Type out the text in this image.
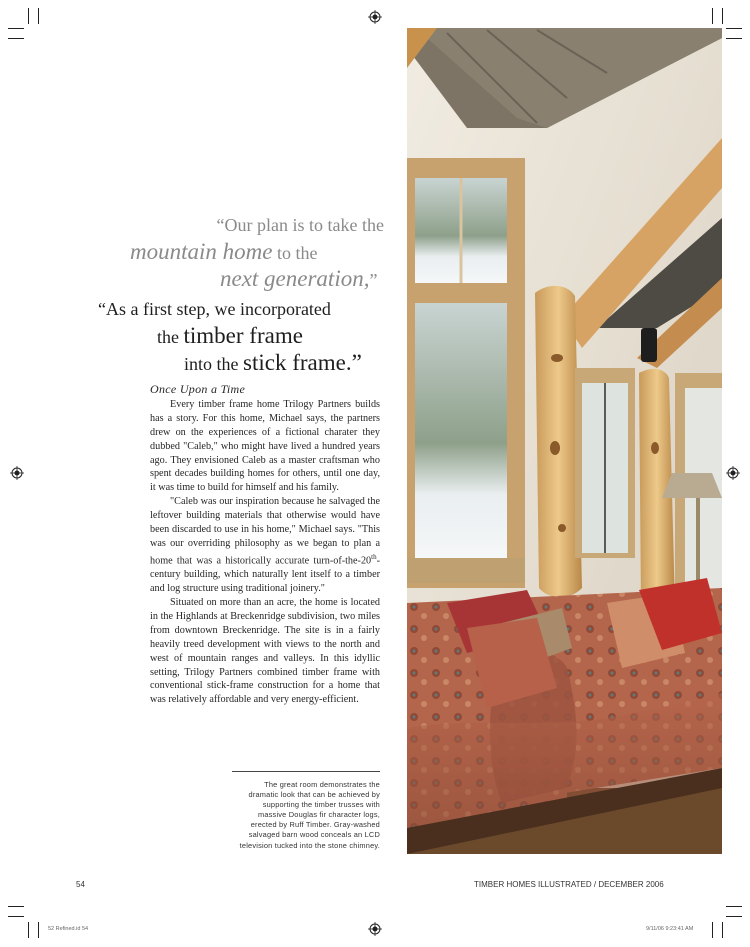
“Our plan is to take the
mountain home to the
next generation,”
“As a first step, we incorporated
the timber frame
into the stick frame.”
Once Upon a Time

Every timber frame home Trilogy Partners builds has a story. For this home, Michael says, the partners drew on the experiences of a fictional charater they dubbed "Caleb," who might have lived a hundred years ago. They envisioned Caleb as a master craftsman who spent decades building homes for others, until one day, it was time to build for himself and his family.

"Caleb was our inspiration because he salvaged the leftover building materials that otherwise would have been discarded to use in his home," Michael says. "This was our overriding philosophy as we began to plan a home that was a historically accurate turn-of-the-20th-century building, which naturally lent itself to a timber and log structure using traditional joinery."

Situated on more than an acre, the home is located in the Highlands at Breckenridge subdivision, two miles from downtown Breckenridge. The site is in a fairly heavily treed development with views to the north and west of mountain ranges and valleys. In this idyllic setting, Trilogy Partners combined timber frame with conventional stick-frame construction for a home that was relatively affordable and very energy-efficient.

The great room demonstrates the dramatic look that can be achieved by supporting the timber trusses with massive Douglas fir character logs, erected by Ruff Timber. Gray-washed salvaged barn wood conceals an LCD television tucked into the stone chimney.
54	TIMBER HOMES ILLUSTRATED / DECEMBER 2006
52 Refined.id 54	9/11/06 9:23:41 AM
